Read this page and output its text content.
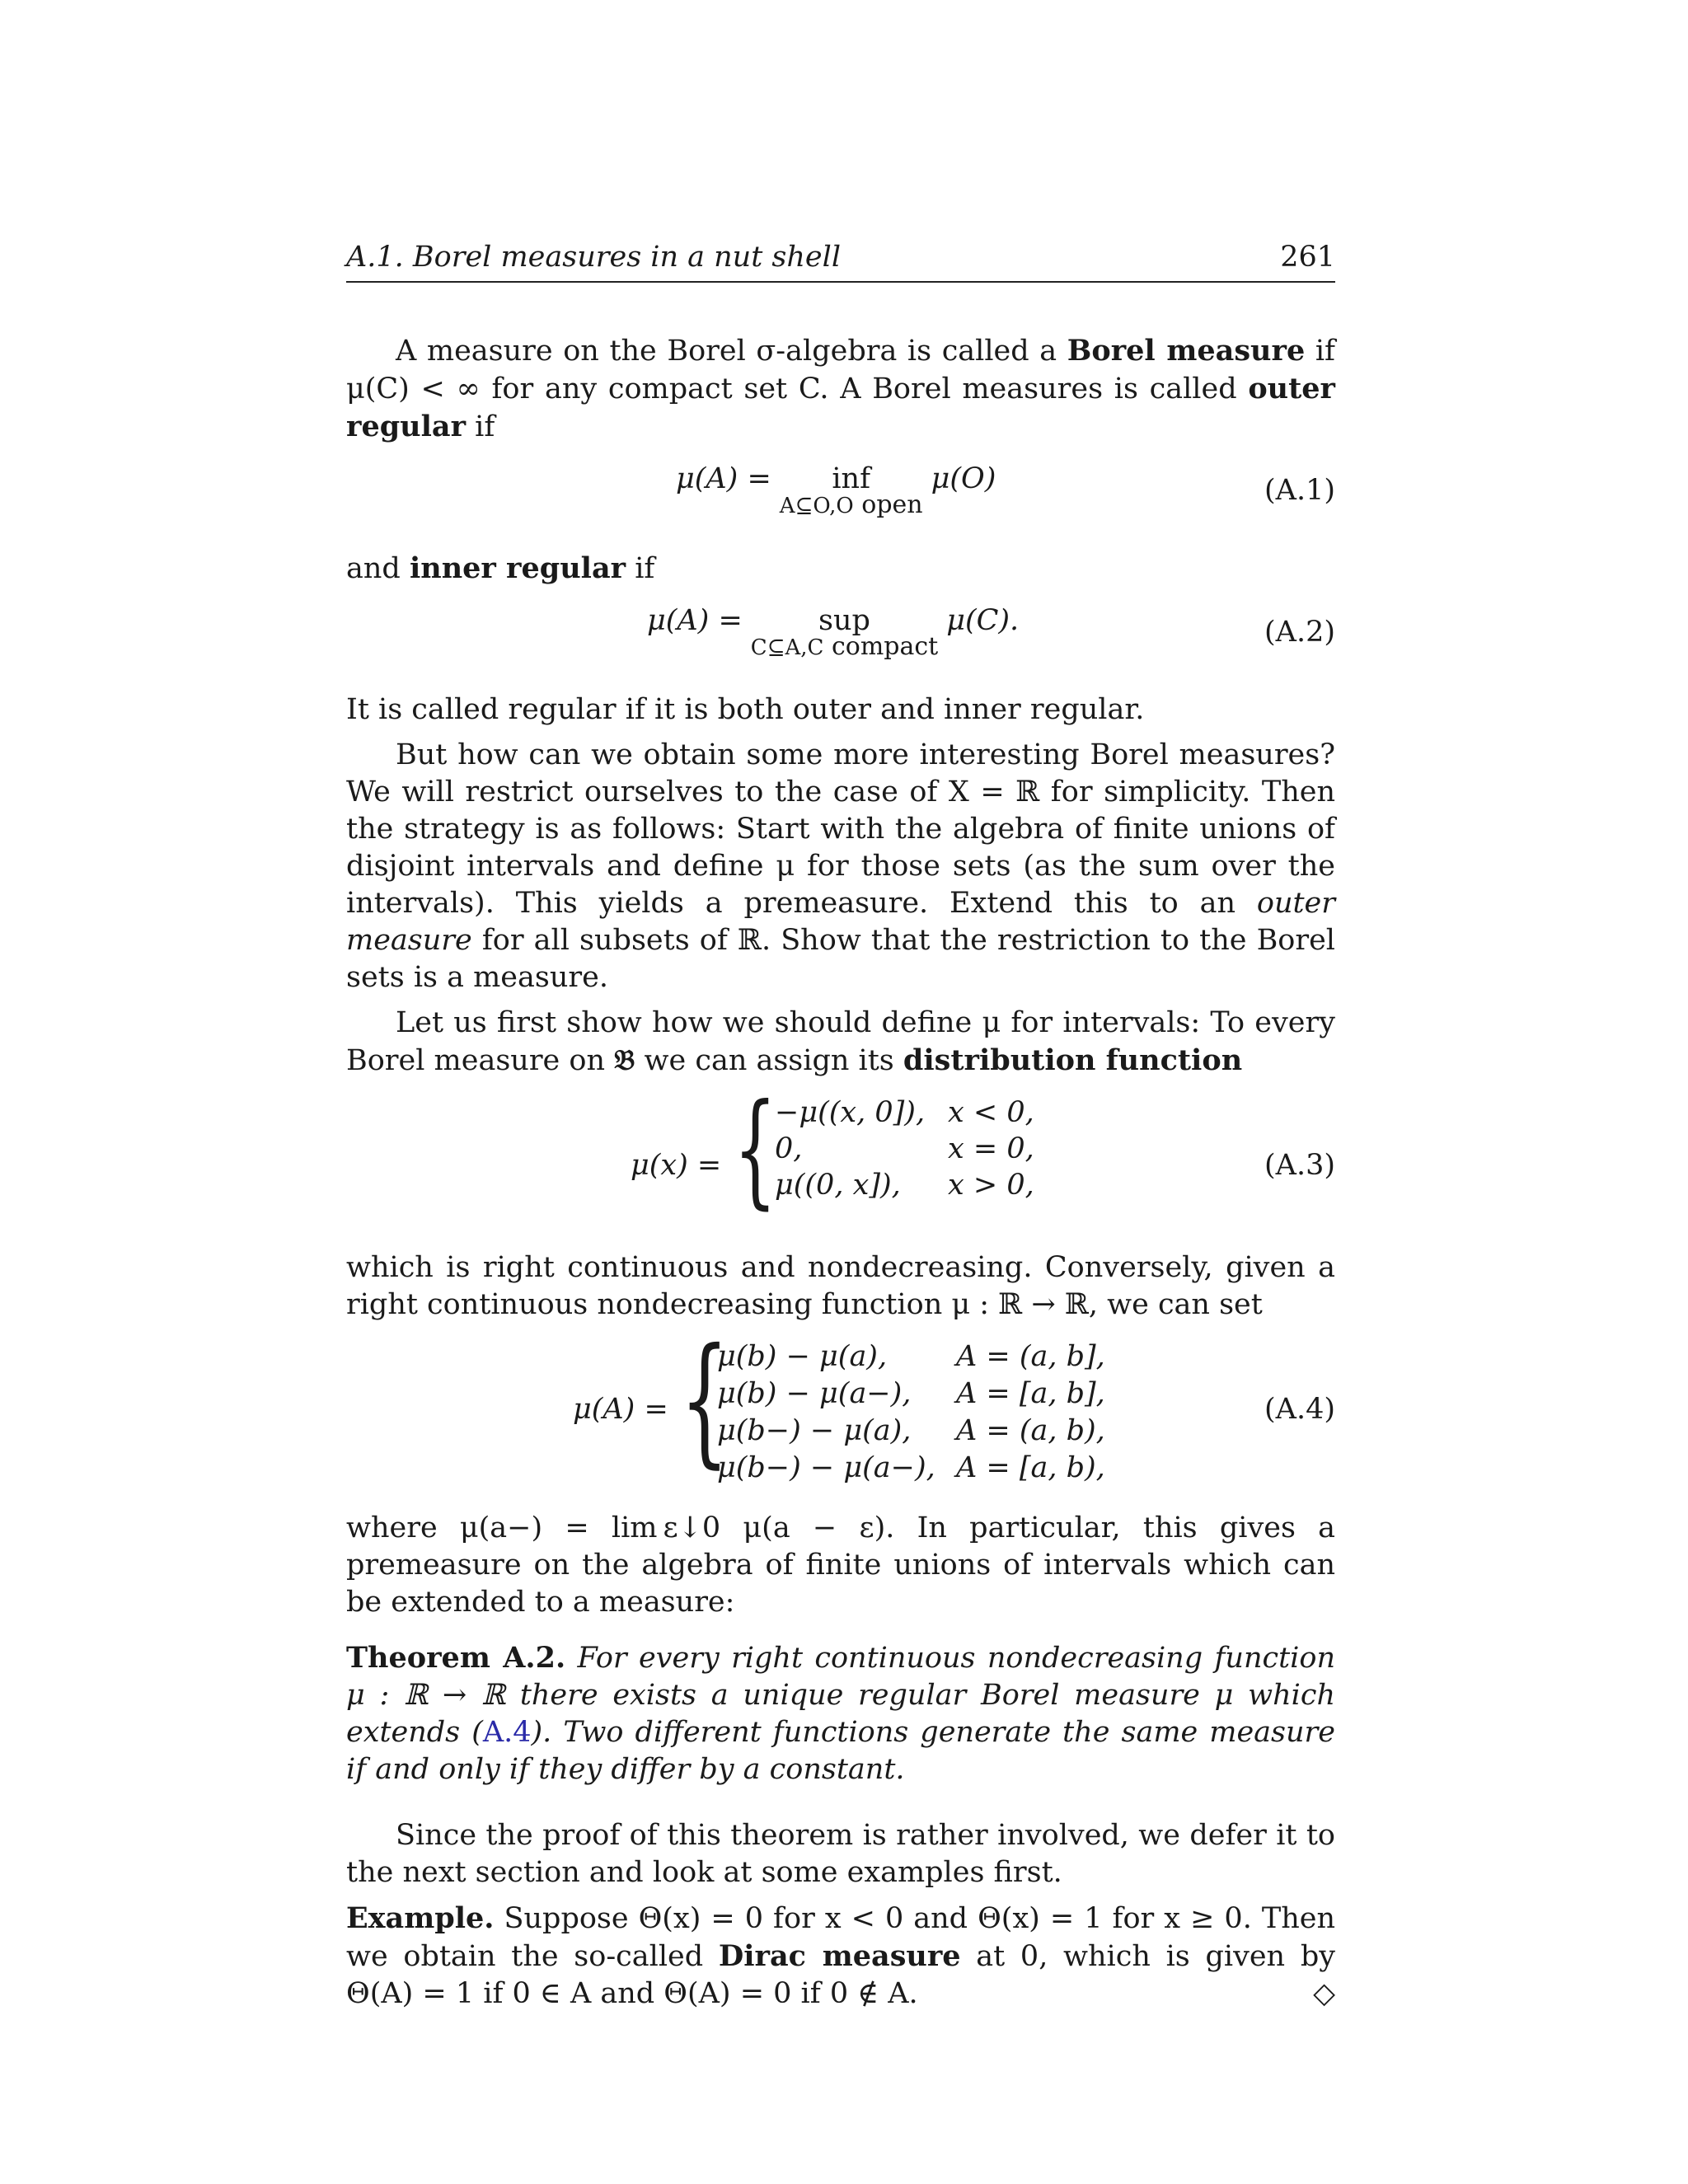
A.1. Borel measures in a nut shell	261

A measure on the Borel σ-algebra is called a Borel measure if μ(C) < ∞ for any compact set C. A Borel measures is called outer regular if

μ(A) = inf
A⊆O,O open
μ(O)	(A.1)

and inner regular if

μ(A) =	sup
C⊆A,C compact
μ(C).	(A.2)

It is called regular if it is both outer and inner regular.

But how can we obtain some more interesting Borel measures? We will restrict ourselves to the case of X = ℝ for simplicity. Then the strategy is as follows: Start with the algebra of finite unions of disjoint intervals and define μ for those sets (as the sum over the intervals). This yields a premeasure. Extend this to an outer measure for all subsets of ℝ. Show that the restriction to the Borel sets is a measure.

Let us first show how we should define μ for intervals: To every Borel measure on 𝔅 we can assign its distribution function

μ(x) = {
−μ((x, 0]), x < 0,
0,	x = 0,
μ((0, x]),	x > 0,
(A.3)

which is right continuous and nondecreasing. Conversely, given a right continuous nondecreasing function μ : ℝ → ℝ, we can set

μ(A) = {
μ(b) − μ(a),	A = (a, b],
μ(b) − μ(a−),	A = [a, b],
μ(b−) − μ(a),	A = (a, b),
μ(b−) − μ(a−), A = [a, b),
(A.4)

where μ(a−) = lim ε↓0 μ(a − ε). In particular, this gives a premeasure on the algebra of finite unions of intervals which can be extended to a measure:

Theorem A.2. For every right continuous nondecreasing function μ : ℝ → ℝ there exists a unique regular Borel measure μ which extends (A.4). Two different functions generate the same measure if and only if they differ by a constant.

Since the proof of this theorem is rather involved, we defer it to the next section and look at some examples first.

Example. Suppose Θ(x) = 0 for x < 0 and Θ(x) = 1 for x ≥ 0. Then we obtain the so-called Dirac measure at 0, which is given by Θ(A) = 1 if 0 ∈ A and Θ(A) = 0 if 0 ∉ A.	◇
